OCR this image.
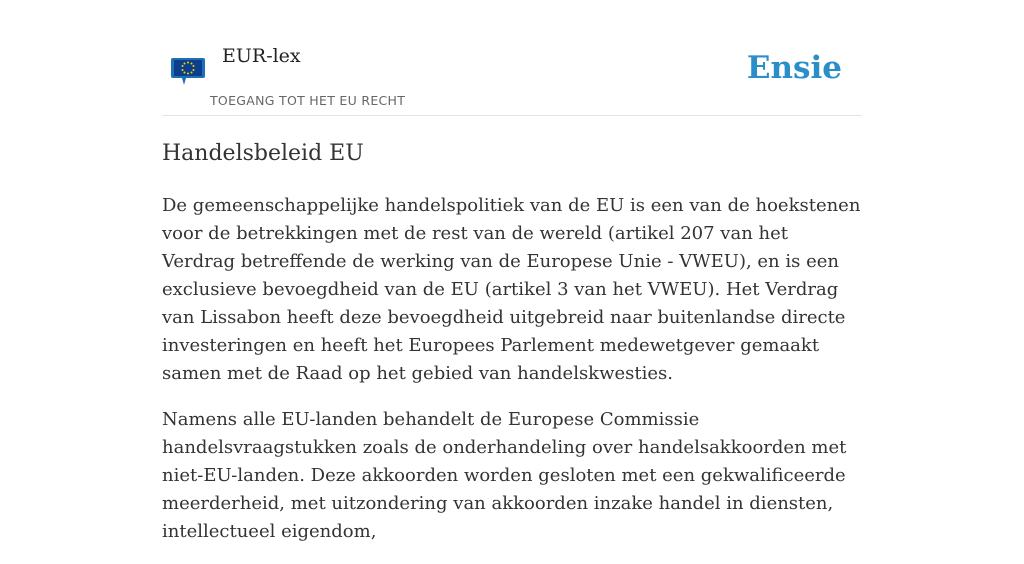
EUR-lex
TOEGANG TOT HET EU RECHT
Ensie
Handelsbeleid EU

De gemeenschappelijke handelspolitiek van de EU is een van de hoekstenen voor de betrekkingen met de rest van de wereld (artikel 207 van het Verdrag betreffende de werking van de Europese Unie - VWEU), en is een exclusieve bevoegdheid van de EU (artikel 3 van het VWEU). Het Verdrag van Lissabon heeft deze bevoegdheid uitgebreid naar buitenlandse directe investeringen en heeft het Europees Parlement medewetgever gemaakt samen met de Raad op het gebied van handelskwesties.

Namens alle EU-landen behandelt de Europese Commissie handelsvraagstukken zoals de onderhandeling over handelsakkoorden met niet-EU-landen. Deze akkoorden worden gesloten met een gekwalificeerde meerderheid, met uitzondering van akkoorden inzake handel in diensten, intellectueel eigendom,
